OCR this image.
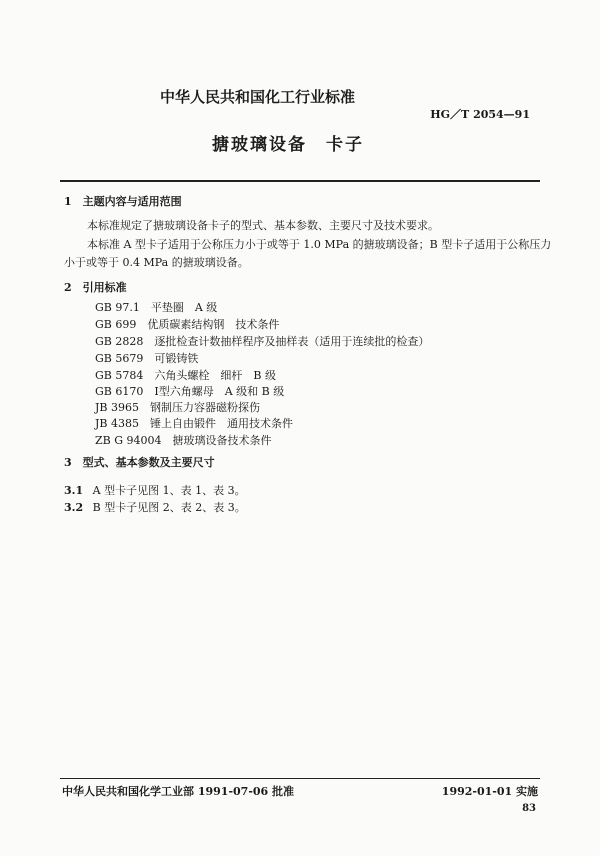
中华人民共和国化工行业标准
HG／T 2054—91
搪玻璃设备　卡子
1　主题内容与适用范围
本标准规定了搪玻璃设备卡子的型式、基本参数、主要尺寸及技术要求。
本标准 A 型卡子适用于公称压力小于或等于 1.0 MPa 的搪玻璃设备；B 型卡子适用于公称压力
小于或等于 0.4 MPa 的搪玻璃设备。
2　引用标准
GB 97.1　平垫圈　A 级
GB 699　优质碳素结构钢　技术条件
GB 2828　逐批检查计数抽样程序及抽样表（适用于连续批的检查）
GB 5679　可锻铸铁
GB 5784　六角头螺栓　细杆　B 级
GB 6170　Ⅰ型六角螺母　A 级和 B 级
JB 3965　钢制压力容器磁粉探伤
JB 4385　锤上自由锻件　通用技术条件
ZB G 94004　搪玻璃设备技术条件
3　型式、基本参数及主要尺寸
3.1 A 型卡子见图 1、表 1、表 3。
3.2 B 型卡子见图 2、表 2、表 3。
中华人民共和国化学工业部 1991-07-06 批准	1992-01-01 实施
83
